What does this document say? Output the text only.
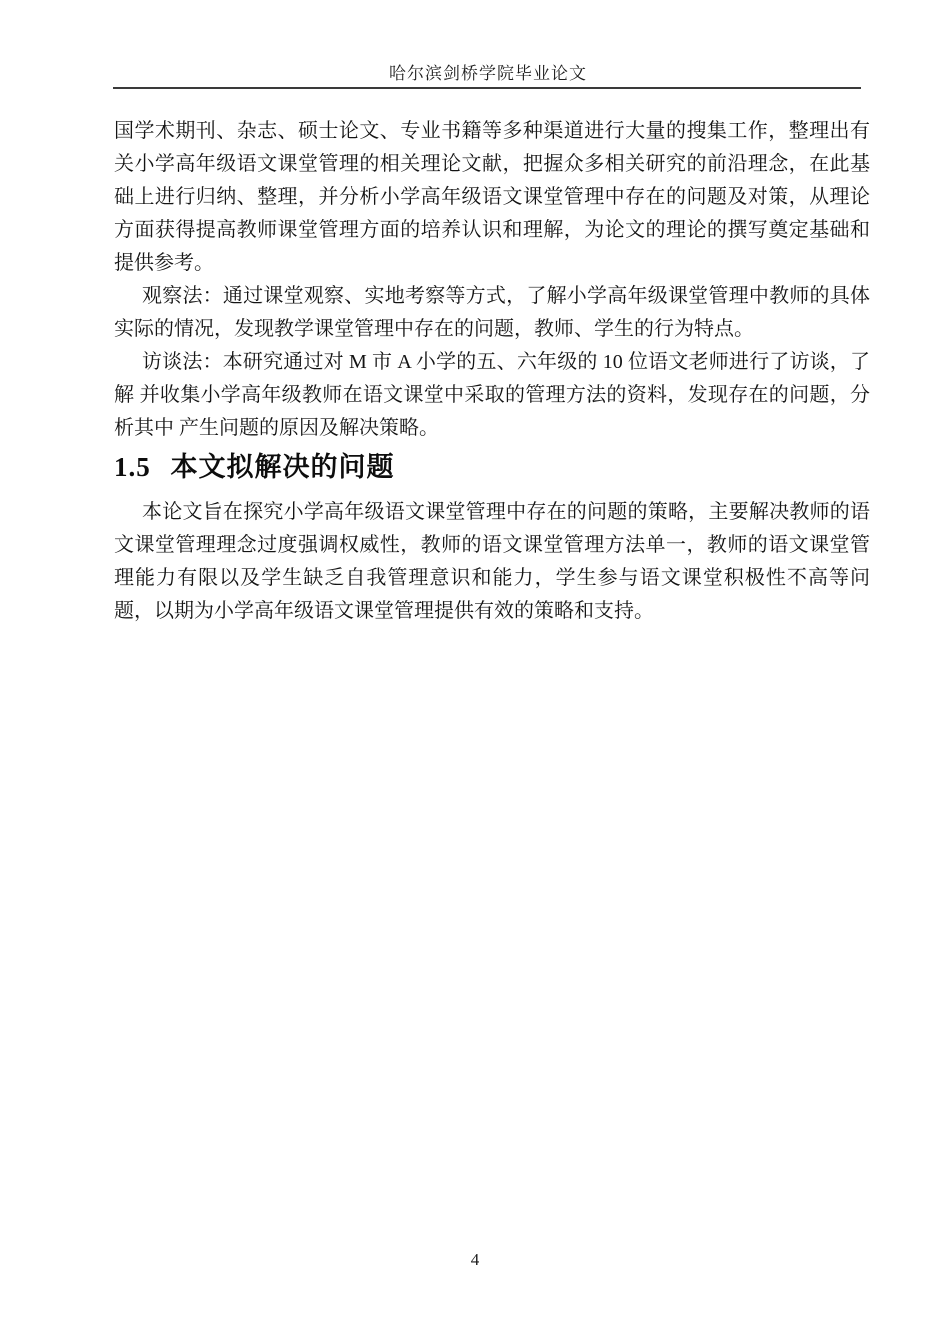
哈尔滨剑桥学院毕业论文

国学术期刊、杂志、硕士论文、专业书籍等多种渠道进行大量的搜集工作，整理出有关小学高年级语文课堂管理的相关理论文献，把握众多相关研究的前沿理念，在此基础上进行归纳、整理，并分析小学高年级语文课堂管理中存在的问题及对策，从理论方面获得提高教师课堂管理方面的培养认识和理解，为论文的理论的撰写奠定基础和提供参考。

观察法：通过课堂观察、实地考察等方式，了解小学高年级课堂管理中教师的具体实际的情况，发现教学课堂管理中存在的问题，教师、学生的行为特点。

访谈法：本研究通过对 M 市 A 小学的五、六年级的 10 位语文老师进行了访谈，了解 并收集小学高年级教师在语文课堂中采取的管理方法的资料，发现存在的问题，分析其中 产生问题的原因及解决策略。

1.5 本文拟解决的问题

本论文旨在探究小学高年级语文课堂管理中存在的问题的策略，主要解决教师的语文课堂管理理念过度强调权威性，教师的语文课堂管理方法单一，教师的语文课堂管理能力有限以及学生缺乏自我管理意识和能力，学生参与语文课堂积极性不高等问题，以期为小学高年级语文课堂管理提供有效的策略和支持。

4
